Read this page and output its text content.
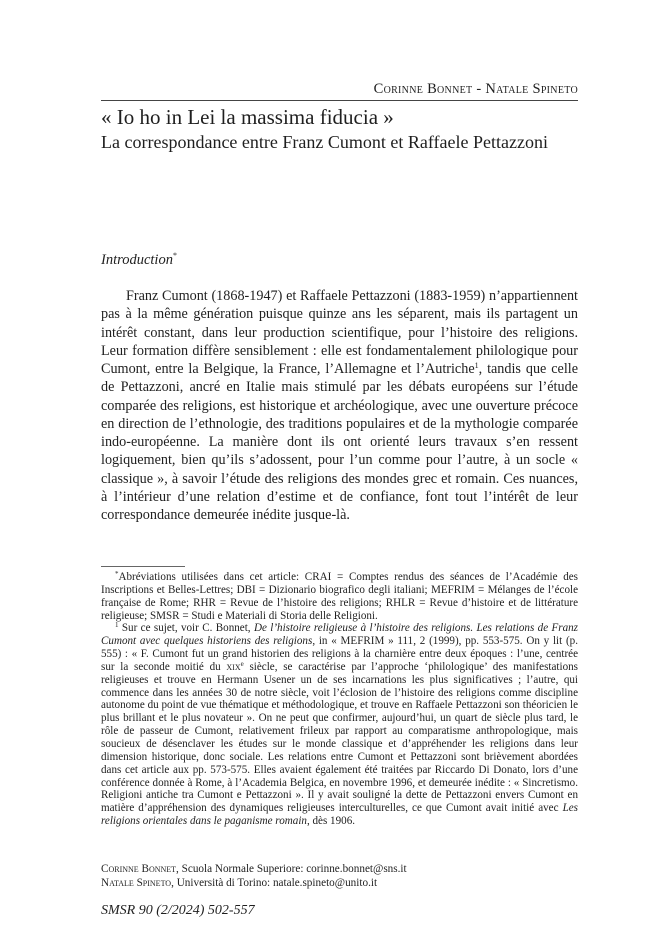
Corinne Bonnet - Natale Spineto
« Io ho in Lei la massima fiducia »
La correspondance entre Franz Cumont et Raffaele Pettazzoni
Introduction*

Franz Cumont (1868-1947) et Raffaele Pettazzoni (1883-1959) n’appartiennent pas à la même génération puisque quinze ans les séparent, mais ils partagent un intérêt constant, dans leur production scientifique, pour l’histoire des religions. Leur formation diffère sensiblement : elle est fondamentalement philologique pour Cumont, entre la Belgique, la France, l’Allemagne et l’Autriche$^1$, tandis que celle de Pettazzoni, ancré en Italie mais stimulé par les débats européens sur l’étude comparée des religions, est historique et archéologique, avec une ouverture précoce en direction de l’ethnologie, des traditions populaires et de la mythologie comparée indo-européenne. La manière dont ils ont orienté leurs travaux s’en ressent logiquement, bien qu’ils s’adossent, pour l’un comme pour l’autre, à un socle « classique », à savoir l’étude des religions des mondes grec et romain. Ces nuances, à l’intérieur d’une relation d’estime et de confiance, font tout l’intérêt de leur correspondance demeurée inédite jusque-là.

*Abréviations utilisées dans cet article: CRAI = Comptes rendus des séances de l’Académie des Inscriptions et Belles-Lettres; DBI = Dizionario biografico degli italiani; MEFRIM = Mélanges de l’école française de Rome; RHR = Revue de l’histoire des religions; RHLR = Revue d’histoire et de littérature religieuse; SMSR = Studi e Materiali di Storia delle Religioni.

$^1$ Sur ce sujet, voir C. Bonnet, De l’histoire religieuse à l’histoire des religions. Les relations de Franz Cumont avec quelques historiens des religions, in « MEFRIM » 111, 2 (1999), pp. 553-575. On y lit (p. 555) : « F. Cumont fut un grand historien des religions à la charnière entre deux époques : l’une, centrée sur la seconde moitié du xix$^e$ siècle, se caractérise par l’approche ‘philologique’ des manifestations religieuses et trouve en Hermann Usener un de ses incarnations les plus significatives ; l’autre, qui commence dans les années 30 de notre siècle, voit l’éclosion de l’histoire des religions comme discipline autonome du point de vue thématique et méthodologique, et trouve en Raffaele Pettazzoni son théoricien le plus brillant et le plus novateur ». On ne peut que confirmer, aujourd’hui, un quart de siècle plus tard, le rôle de passeur de Cumont, relativement frileux par rapport au comparatisme anthropologique, mais soucieux de désenclaver les études sur le monde classique et d’appréhender les religions dans leur dimension historique, donc sociale. Les relations entre Cumont et Pettazzoni sont brièvement abordées dans cet article aux pp. 573-575. Elles avaient également été traitées par Riccardo Di Donato, lors d’une conférence donnée à Rome, à l’Academia Belgica, en novembre 1996, et demeurée inédite : « Sincretismo. Religioni antiche tra Cumont e Pettazzoni ». Il y avait souligné la dette de Pettazzoni envers Cumont en matière d’appréhension des dynamiques religieuses interculturelles, ce que Cumont avait initié avec Les religions orientales dans le paganisme romain, dès 1906.

Corinne Bonnet, Scuola Normale Superiore: corinne.bonnet@sns.it
Natale Spineto, Università di Torino: natale.spineto@unito.it
SMSR 90 (2/2024) 502-557
